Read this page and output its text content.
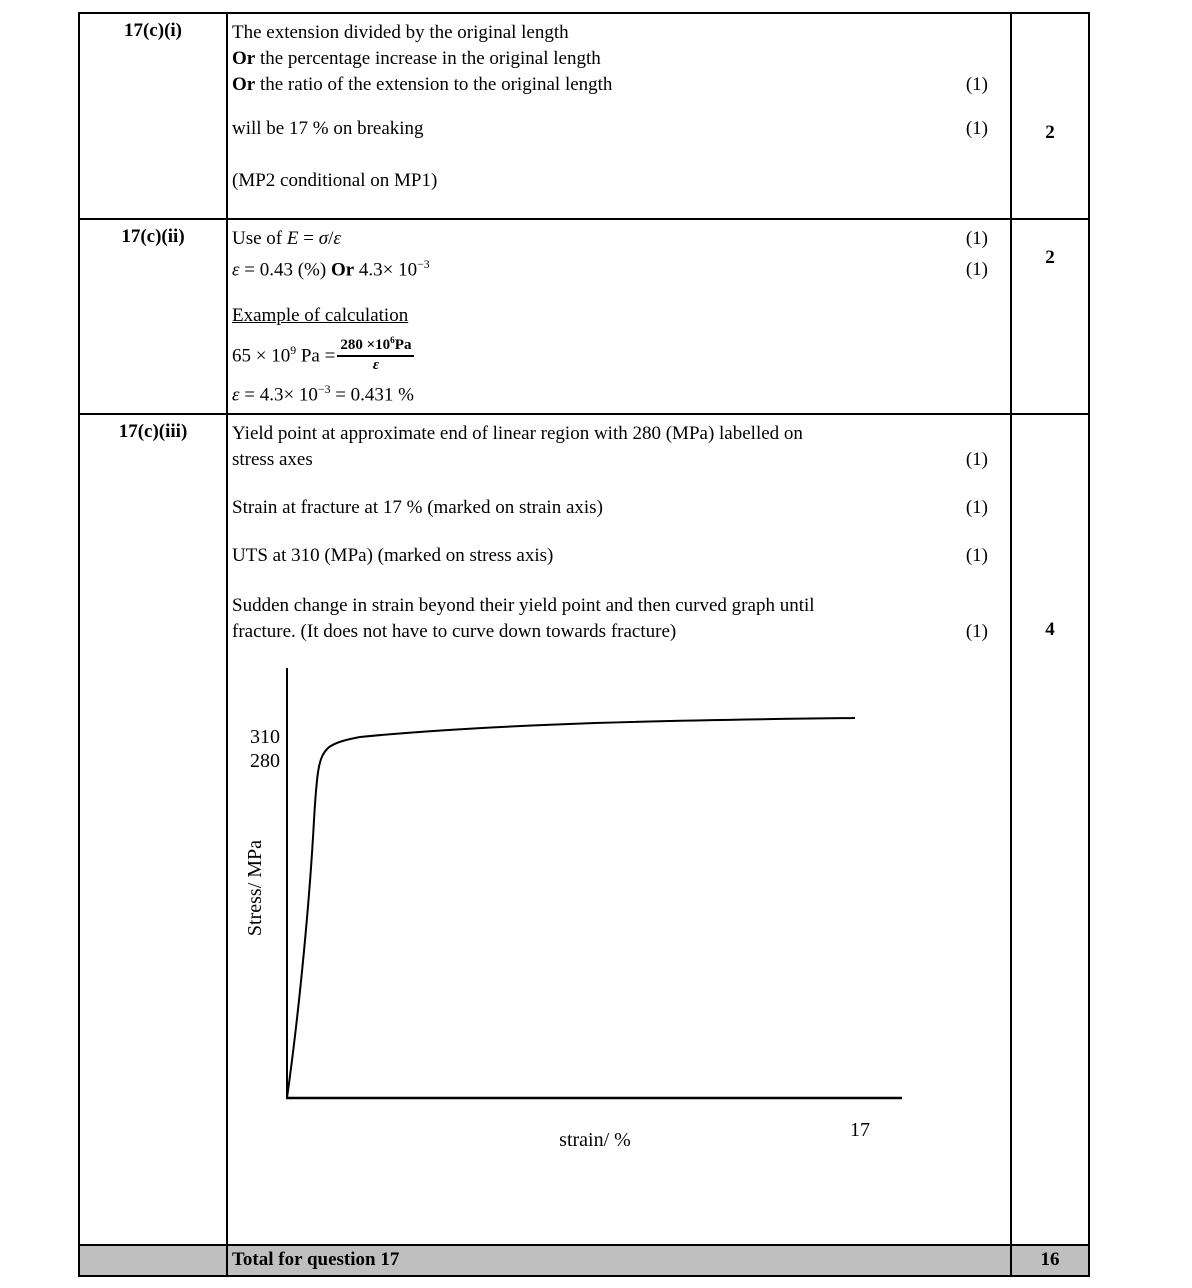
17(c)(i)	The extension divided by the original length
Or the percentage increase in the original length
Or the ratio of the extension to the original length	(1)
will be 17 % on breaking	(1)
(MP2 conditional on MP1)
2
17(c)(ii)	Use of E = σ/ε	(1)
ε = 0.43 (%) Or $4.3\times 10^{-3}$	(1)
Example of calculation
$65 \times 10^9$ $Pa = \frac{280 \times 10^6Pa}{\varepsilon}$
$\varepsilon = 4.3\times 10^{-3} = 0.431$ %
2
17(c)(iii)	Yield point at approximate end of linear region with 280 (MPa) labelled on
stress axes	(1)
Strain at fracture at 17 % (marked on strain axis)	(1)
UTS at 310 (MPa) (marked on stress axis)	(1)
Sudden change in strain beyond their yield point and then curved graph until
fracture. (It does not have to curve down towards fracture)	(1)
310
280
Stress/ MPa
strain/ %	17
4
Total for question 17	16
